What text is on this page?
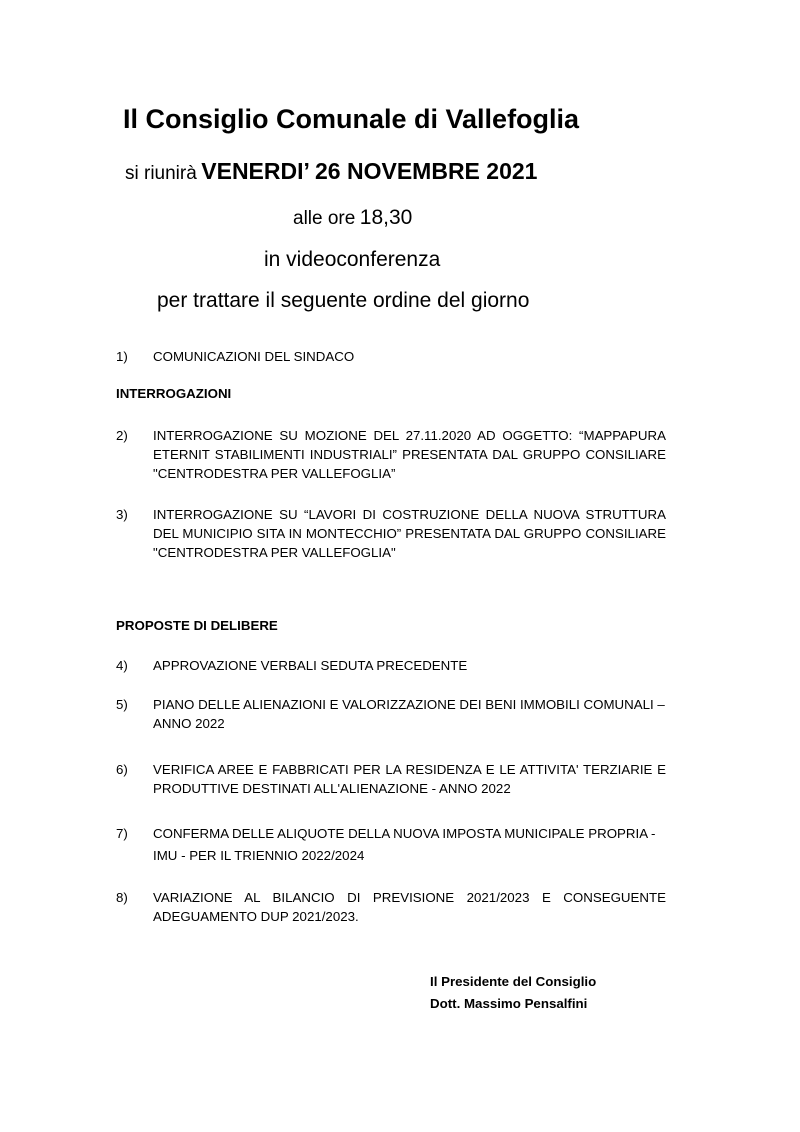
Il Consiglio Comunale di Vallefoglia
si riunirà VENERDI’ 26 NOVEMBRE 2021
alle ore 18,30
in videoconferenza
per trattare il seguente ordine del giorno
1)	COMUNICAZIONI DEL SINDACO
INTERROGAZIONI
2)	INTERROGAZIONE SU MOZIONE DEL 27.11.2020 AD OGGETTO: “MAPPAPURA ETERNIT STABILIMENTI INDUSTRIALI” PRESENTATA DAL GRUPPO CONSILIARE "CENTRODESTRA PER VALLEFOGLIA”
3)	INTERROGAZIONE SU “LAVORI DI COSTRUZIONE DELLA NUOVA STRUTTURA DEL MUNICIPIO SITA IN MONTECCHIO” PRESENTATA DAL GRUPPO CONSILIARE "CENTRODESTRA PER VALLEFOGLIA"
PROPOSTE DI DELIBERE
4)	APPROVAZIONE VERBALI SEDUTA PRECEDENTE
5)	PIANO DELLE ALIENAZIONI E VALORIZZAZIONE DEI BENI IMMOBILI COMUNALI – ANNO 2022
6)	VERIFICA AREE E FABBRICATI PER LA RESIDENZA E LE ATTIVITA' TERZIARIE E PRODUTTIVE DESTINATI ALL'ALIENAZIONE - ANNO 2022
7)	CONFERMA DELLE ALIQUOTE DELLA NUOVA IMPOSTA MUNICIPALE PROPRIA - IMU - PER IL TRIENNIO 2022/2024
8)	VARIAZIONE AL BILANCIO DI PREVISIONE 2021/2023 E CONSEGUENTE ADEGUAMENTO DUP 2021/2023.
Il Presidente del Consiglio
Dott. Massimo Pensalfini
